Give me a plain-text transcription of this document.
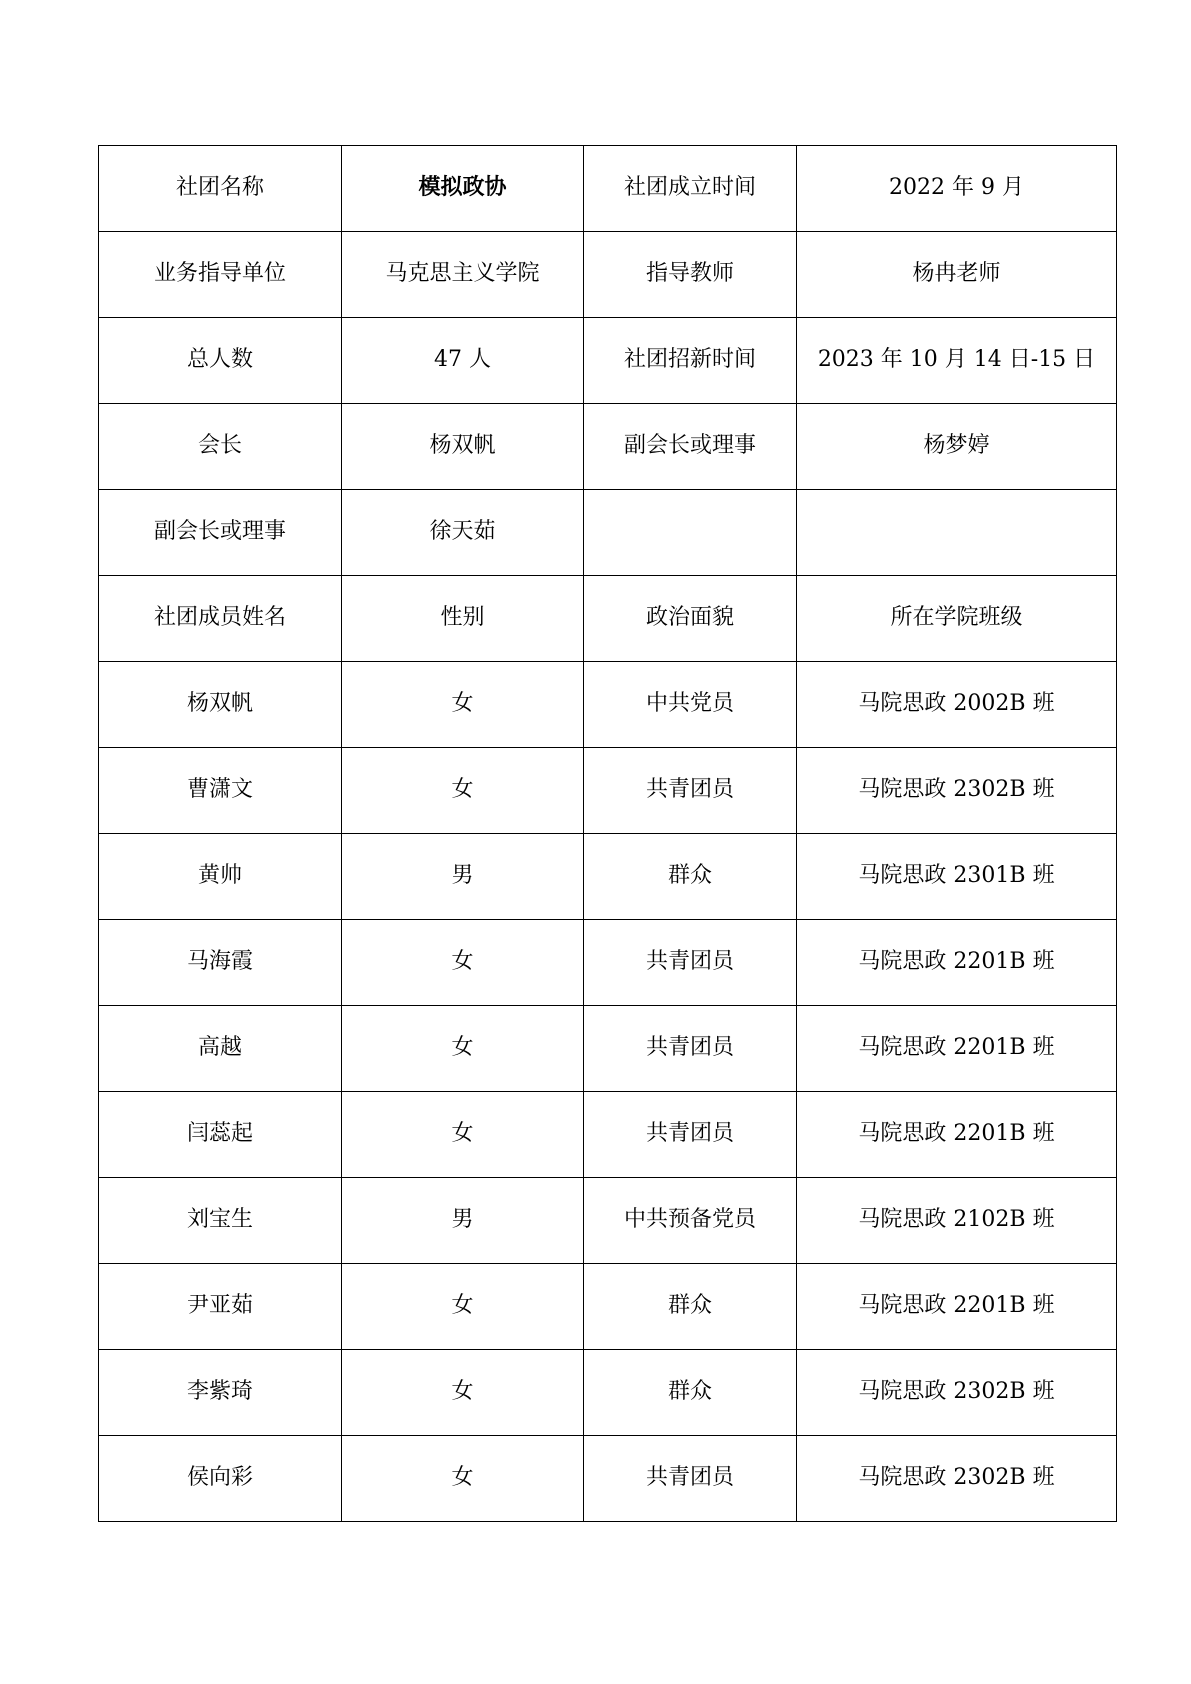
社团名称	模拟政协	社团成立时间	2022 年 9 月
业务指导单位	马克思主义学院	指导教师	杨冉老师
总人数	47 人	社团招新时间	2023 年 10 月 14 日-15 日
会长	杨双帆	副会长或理事	杨梦婷
副会长或理事	徐天茹		
社团成员姓名	性别	政治面貌	所在学院班级
杨双帆	女	中共党员	马院思政 2002B 班
曹潇文	女	共青团员	马院思政 2302B 班
黄帅	男	群众	马院思政 2301B 班
马海霞	女	共青团员	马院思政 2201B 班
高越	女	共青团员	马院思政 2201B 班
闫蕊起	女	共青团员	马院思政 2201B 班
刘宝生	男	中共预备党员	马院思政 2102B 班
尹亚茹	女	群众	马院思政 2201B 班
李紫琦	女	群众	马院思政 2302B 班
侯向彩	女	共青团员	马院思政 2302B 班
